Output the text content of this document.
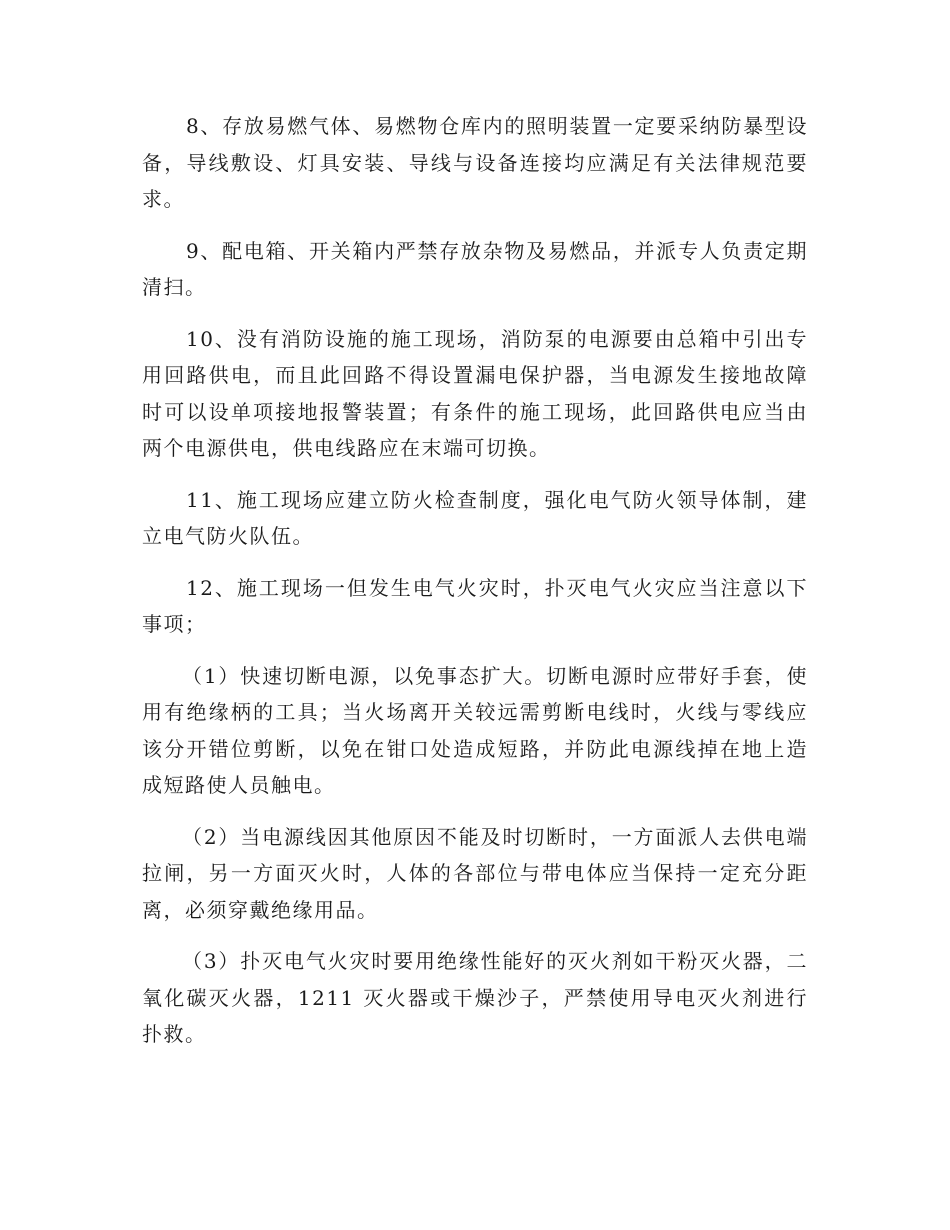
8、存放易燃气体、易燃物仓库内的照明装置一定要采纳防暴型设备，导线敷设、灯具安装、导线与设备连接均应满足有关法律规范要求。

9、配电箱、开关箱内严禁存放杂物及易燃品，并派专人负责定期清扫。

10、没有消防设施的施工现场，消防泵的电源要由总箱中引出专用回路供电，而且此回路不得设置漏电保护器，当电源发生接地故障时可以设单项接地报警装置；有条件的施工现场，此回路供电应当由两个电源供电，供电线路应在末端可切换。

11、施工现场应建立防火检查制度，强化电气防火领导体制，建立电气防火队伍。

12、施工现场一但发生电气火灾时，扑灭电气火灾应当注意以下事项；

（1）快速切断电源，以免事态扩大。切断电源时应带好手套，使用有绝缘柄的工具；当火场离开关较远需剪断电线时，火线与零线应该分开错位剪断，以免在钳口处造成短路，并防此电源线掉在地上造成短路使人员触电。

（2）当电源线因其他原因不能及时切断时，一方面派人去供电端拉闸，另一方面灭火时，人体的各部位与带电体应当保持一定充分距离，必须穿戴绝缘用品。

（3）扑灭电气火灾时要用绝缘性能好的灭火剂如干粉灭火器，二氧化碳灭火器，1211 灭火器或干燥沙子，严禁使用导电灭火剂进行扑救。
